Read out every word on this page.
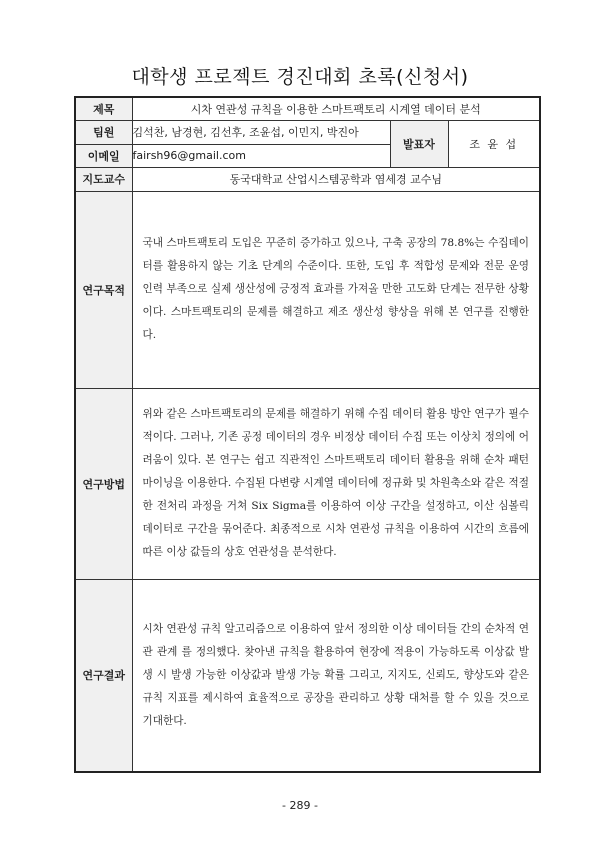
대학생 프로젝트 경진대회 초록(신청서)
제목	시차 연관성 규칙을 이용한 스마트팩토리 시계열 데이터 분석		
팀원	김석찬, 남경현, 김선후, 조윤섭, 이민지, 박진아	발표자	조 윤 섭
이메일	fairsh96@gmail.com		
지도교수	동국대학교 산업시스템공학과 염세경 교수님		
연구목적	국내 스마트팩토리 도입은 꾸준히 증가하고 있으나, 구축 공장의 78.8%는 수집데이터를 활용하지 않는 기초 단계의 수준이다. 또한, 도입 후 적합성 문제와 전문 운영 인력 부족으로 실제 생산성에 긍정적 효과를 가져올 만한 고도화 단계는 전무한 상황이다. 스마트팩토리의 문제를 해결하고 제조 생산성 향상을 위해 본 연구를 진행한다.		

연구방법	위와 같은 스마트팩토리의 문제를 해결하기 위해 수집 데이터 활용 방안 연구가 필수적이다. 그러나, 기존 공정 데이터의 경우 비정상 데이터 수집 또는 이상치 정의에 어려움이 있다. 본 연구는 쉽고 직관적인 스마트팩토리 데이터 활용을 위해 순차 패턴 마이닝을 이용한다. 수집된 다변량 시계열 데이터에 정규화 및 차원축소와 같은 적절한 전처리 과정을 거쳐 Six Sigma를 이용하여 이상 구간을 설정하고, 이산 심볼릭 데이터로 구간을 묶어준다. 최종적으로 시차 연관성 규칙을 이용하여 시간의 흐름에 따른 이상 값들의 상호 연관성을 분석한다.		

연구결과	시차 연관성 규칙 알고리즘으로 이용하여 앞서 정의한 이상 데이터들 간의 순차적 연관 관계 를 정의했다. 찾아낸 규칙을 활용하여 현장에 적용이 가능하도록 이상값 발생 시 발생 가능한 이상값과 발생 가능 확률 그리고, 지지도, 신뢰도, 향상도와 같은 규칙 지표를 제시하여 효율적으로 공장을 관리하고 상황 대처를 할 수 있을 것으로 기대한다.		
- 289 -
